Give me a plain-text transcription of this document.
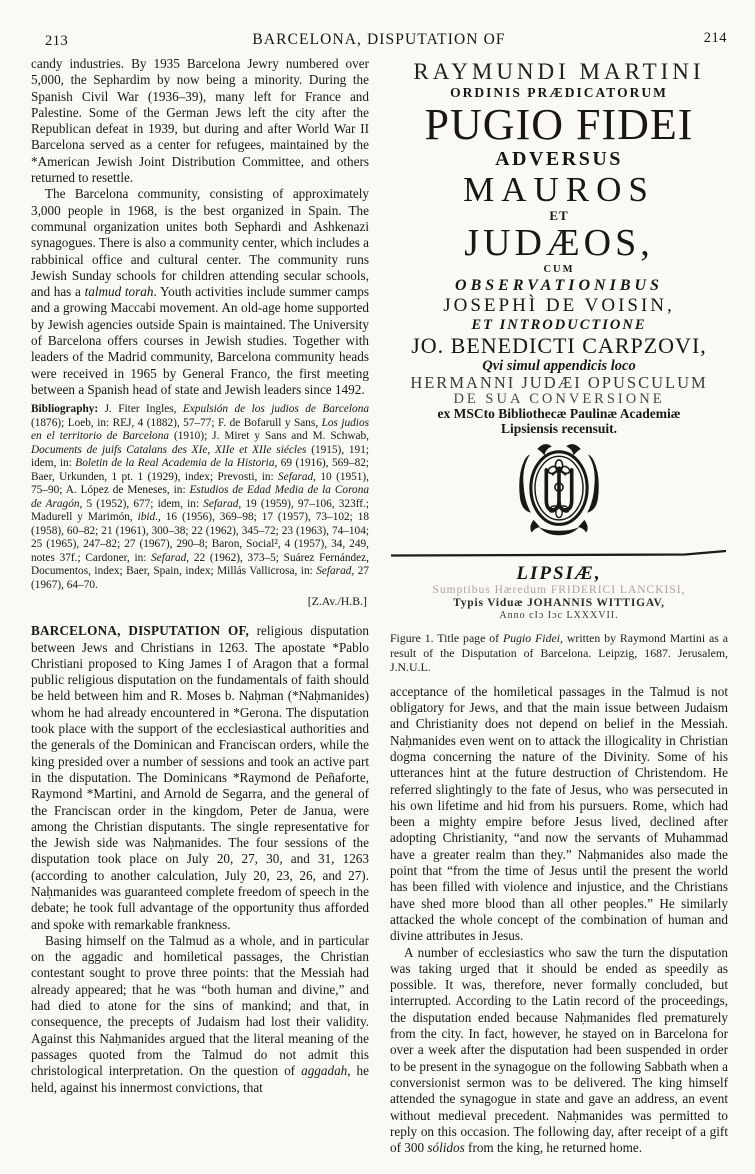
213	BARCELONA, DISPUTATION OF	214

candy industries. By 1935 Barcelona Jewry numbered over 5,000, the Sephardim by now being a minority. During the Spanish Civil War (1936–39), many left for France and Palestine. Some of the German Jews left the city after the Republican defeat in 1939, but during and after World War II Barcelona served as a center for refugees, maintained by the *American Jewish Joint Distribution Committee, and others returned to resettle.

The Barcelona community, consisting of approximately 3,000 people in 1968, is the best organized in Spain. The communal organization unites both Sephardi and Ashkenazi synagogues. There is also a community center, which includes a rabbinical office and cultural center. The community runs Jewish Sunday schools for children attending secular schools, and has a talmud torah. Youth activities include summer camps and a growing Maccabi movement. An old-age home supported by Jewish agencies outside Spain is maintained. The University of Barcelona offers courses in Jewish studies. Together with leaders of the Madrid community, Barcelona community heads were received in 1965 by General Franco, the first meeting between a Spanish head of state and Jewish leaders since 1492.

Bibliography: J. Fiter Ingles, Expulsión de los judios de Barcelona (1876); Loeb, in: REJ, 4 (1882), 57–77; F. de Bofarull y Sans, Los judios en el territorio de Barcelona (1910); J. Miret y Sans and M. Schwab, Documents de juifs Catalans des XIe, XIIe et XIIe siécles (1915), 191; idem, in: Boletin de la Real Academia de la Historia, 69 (1916), 569–82; Baer, Urkunden, 1 pt. 1 (1929), index; Prevosti, in: Sefarad, 10 (1951), 75–90; A. López de Meneses, in: Estudios de Edad Media de la Corona de Aragón, 5 (1952), 677; idem, in: Sefarad, 19 (1959), 97–106, 323ff.; Madurell y Marimón, ibid., 16 (1956), 369–98; 17 (1957), 73–102; 18 (1958), 60–82; 21 (1961), 300–38; 22 (1962), 345–72; 23 (1963), 74–104; 25 (1965), 247–82; 27 (1967), 290–8; Baron, Social², 4 (1957), 34, 249, notes 37f.; Cardoner, in: Sefarad, 22 (1962), 373–5; Suárez Fernández, Documentos, index; Baer, Spain, index; Millás Vallicrosa, in: Sefarad, 27 (1967), 64–70.

[Z.Av./H.B.]

BARCELONA, DISPUTATION OF, religious disputation between Jews and Christians in 1263. The apostate *Pablo Christiani proposed to King James I of Aragon that a formal public religious disputation on the fundamentals of faith should be held between him and R. Moses b. Naḥman (*Naḥmanides) whom he had already encountered in *Gerona. The disputation took place with the support of the ecclesiastical authorities and the generals of the Dominican and Franciscan orders, while the king presided over a number of sessions and took an active part in the disputation. The Dominicans *Raymond de Peñaforte, Raymond *Martini, and Arnold de Segarra, and the general of the Franciscan order in the kingdom, Peter de Janua, were among the Christian disputants. The single representative for the Jewish side was Naḥmanides. The four sessions of the disputation took place on July 20, 27, 30, and 31, 1263 (according to another calculation, July 20, 23, 26, and 27). Naḥmanides was guaranteed complete freedom of speech in the debate; he took full advantage of the opportunity thus afforded and spoke with remarkable frankness.

Basing himself on the Talmud as a whole, and in particular on the aggadic and homiletical passages, the Christian contestant sought to prove three points: that the Messiah had already appeared; that he was “both human and divine,” and had died to atone for the sins of mankind; and that, in consequence, the precepts of Judaism had lost their validity. Against this Naḥmanides argued that the literal meaning of the passages quoted from the Talmud do not admit this christological interpretation. On the question of aggadah, he held, against his innermost convictions, that

RAYMUNDI MARTINI
ORDINIS PRÆDICATORUM
PUGIO FIDEI
ADVERSUS
MAUROS
ET
JUDÆOS,
CUM
OBSERVATIONIBUS
JOSEPHÌ DE VOISIN,
ET INTRODUCTIONE
JO. BENEDICTI CARPZOVI,
Qvi simul appendicis loco
HERMANNI JUDÆI OPUSCULUM
DE SUA CONVERSIONE
ex MSCto Bibliothecæ Paulinæ Academiæ
Lipsiensis recensuit.
LIPSIÆ,
Sumptibus Hæredum FRIDERICI LANCKISI,
Typis Viduæ JOHANNIS WITTIGAV,
Anno cIɔ Iɔc LXXXVII.
Figure 1. Title page of Pugio Fidei, written by Raymond Martini as a result of the Disputation of Barcelona. Leipzig, 1687. Jerusalem, J.N.U.L.

acceptance of the homiletical passages in the Talmud is not obligatory for Jews, and that the main issue between Judaism and Christianity does not depend on belief in the Messiah. Naḥmanides even went on to attack the illogicality in Christian dogma concerning the nature of the Divinity. Some of his utterances hint at the future destruction of Christendom. He referred slightingly to the fate of Jesus, who was persecuted in his own lifetime and hid from his pursuers. Rome, which had been a mighty empire before Jesus lived, declined after adopting Christianity, “and now the servants of Muhammad have a greater realm than they.” Naḥmanides also made the point that “from the time of Jesus until the present the world has been filled with violence and injustice, and the Christians have shed more blood than all other peoples.” He similarly attacked the whole concept of the combination of human and divine attributes in Jesus.

A number of ecclesiastics who saw the turn the disputation was taking urged that it should be ended as speedily as possible. It was, therefore, never formally concluded, but interrupted. According to the Latin record of the proceedings, the disputation ended because Naḥmanides fled prematurely from the city. In fact, however, he stayed on in Barcelona for over a week after the disputation had been suspended in order to be present in the synagogue on the following Sabbath when a conversionist sermon was to be delivered. The king himself attended the synagogue in state and gave an address, an event without medieval precedent. Naḥmanides was permitted to reply on this occasion. The following day, after receipt of a gift of 300 sólidos from the king, he returned home.
